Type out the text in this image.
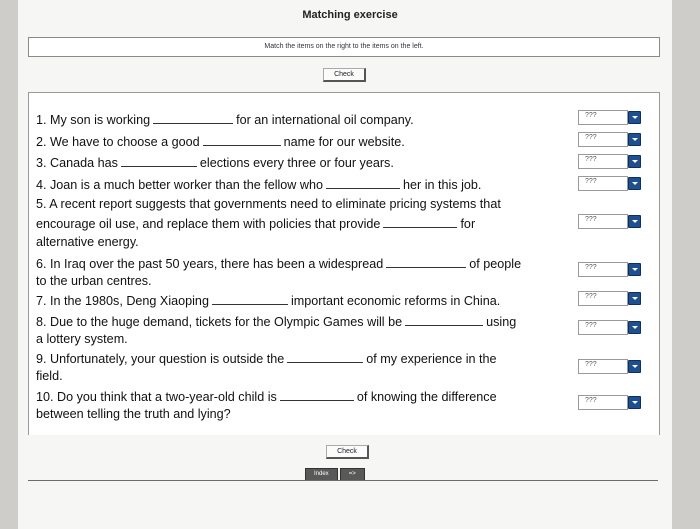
Matching exercise
Match the items on the right to the items on the left.
Check
1. My son is working	for an international oil company.	???
2. We have to choose a good	name for our website.	???
3. Canada has	elections every three or four years.	???
4. Joan is a much better worker than the fellow who	her in this job.	???
5. A recent report suggests that governments need to eliminate pricing systems that
encourage oil use, and replace them with policies that provide	for
alternative energy.
???
6. In Iraq over the past 50 years, there has been a widespread	of people
to the urban centres.
???
7. In the 1980s, Deng Xiaoping	important economic reforms in China.	???
8. Due to the huge demand, tickets for the Olympic Games will be	using
a lottery system.
???
9. Unfortunately, your question is outside the	of my experience in the
field.
???
10. Do you think that a two-year-old child is	of knowing the difference
between telling the truth and lying?
???
Check
Index	=>
